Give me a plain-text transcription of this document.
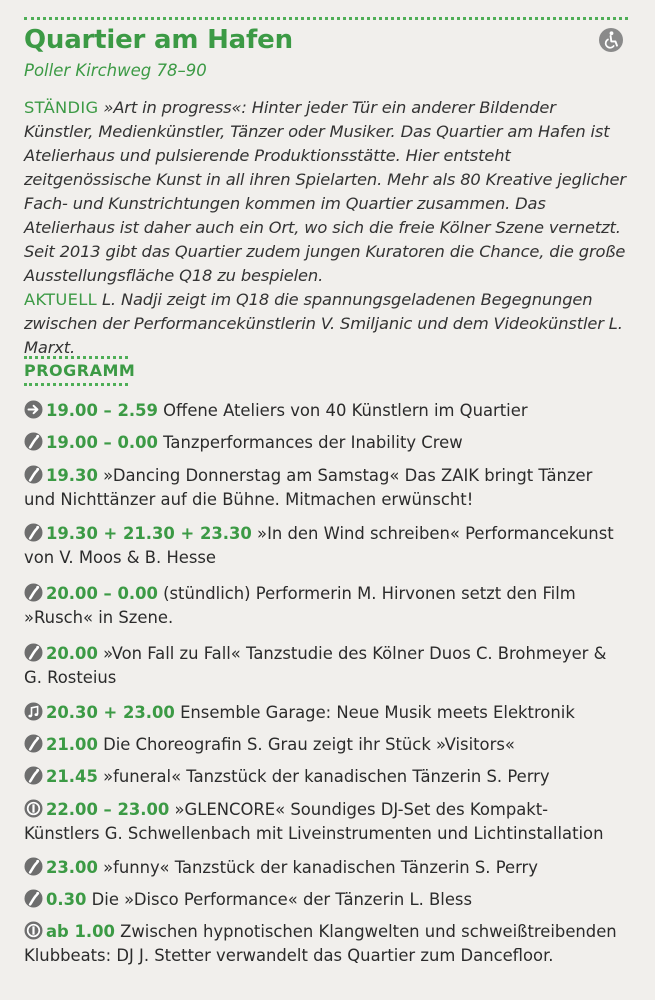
Quartier am Hafen
Poller Kirchweg 78–90
STÄNDIG »Art in progress«: Hinter jeder Tür ein anderer Bildender Künstler, Medienkünstler, Tänzer oder Musiker. Das Quartier am Hafen ist Atelierhaus und pulsierende Produktionsstätte. Hier entsteht zeitgenössische Kunst in all ihren Spielarten. Mehr als 80 Kreative jeglicher Fach- und Kunstrichtungen kommen im Quartier zusammen. Das Atelierhaus ist daher auch ein Ort, wo sich die freie Kölner Szene vernetzt. Seit 2013 gibt das Quartier zudem jungen Kuratoren die Chance, die große Ausstellungsfläche Q18 zu bespielen.
AKTUELL L. Nadji zeigt im Q18 die spannungsgeladenen Begegnungen zwischen der Performancekünstlerin V. Smiljanic und dem Videokünstler L. Marxt.
PROGRAMM
19.00 – 2.59 Offene Ateliers von 40 Künstlern im Quartier
19.00 – 0.00 Tanzperformances der Inability Crew
19.30 »Dancing Donnerstag am Samstag« Das ZAIK bringt Tänzer und Nichttänzer auf die Bühne. Mitmachen erwünscht!
19.30 + 21.30 + 23.30 »In den Wind schreiben« Performancekunst von V. Moos & B. Hesse
20.00 – 0.00 (stündlich) Performerin M. Hirvonen setzt den Film »Rusch« in Szene.
20.00 »Von Fall zu Fall« Tanzstudie des Kölner Duos C. Brohmeyer & G. Rosteius
20.30 + 23.00 Ensemble Garage: Neue Musik meets Elektronik
21.00 Die Choreografin S. Grau zeigt ihr Stück »Visitors«
21.45 »funeral« Tanzstück der kanadischen Tänzerin S. Perry
22.00 – 23.00 »GLENCORE« Soundiges DJ-Set des Kompakt-Künstlers G. Schwellenbach mit Liveinstrumenten und Lichtinstallation
23.00 »funny« Tanzstück der kanadischen Tänzerin S. Perry
0.30 Die »Disco Performance« der Tänzerin L. Bless
ab 1.00 Zwischen hypnotischen Klangwelten und schweißtreibenden Klubbeats: DJ J. Stetter verwandelt das Quartier zum Dancefloor.
